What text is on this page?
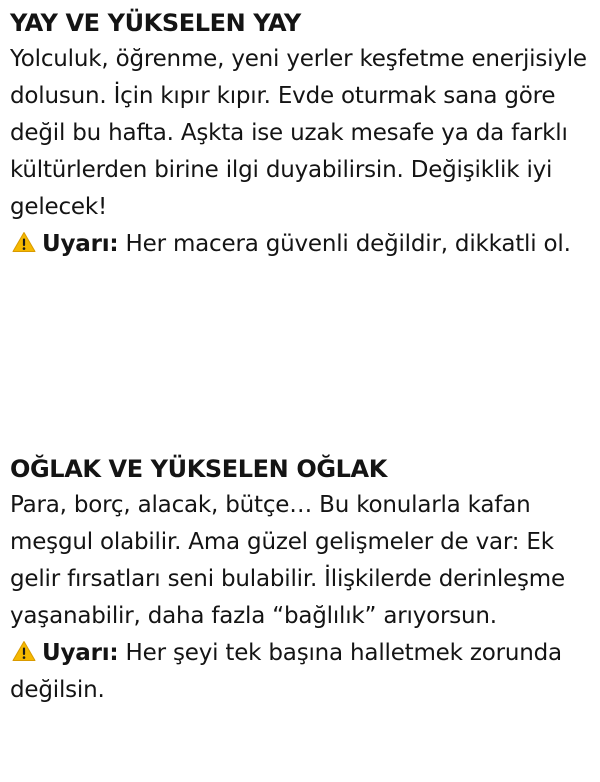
YAY VE YÜKSELEN YAY

Yolculuk, öğrenme, yeni yerler keşfetme enerjisiyle dolusun. İçin kıpır kıpır. Evde oturmak sana göre değil bu hafta. Aşkta ise uzak mesafe ya da farklı kültürlerden birine ilgi duyabilirsin. Değişiklik iyi gelecek!
Uyarı: Her macera güvenli değildir, dikkatli ol.

OĞLAK VE YÜKSELEN OĞLAK

Para, borç, alacak, bütçe… Bu konularla kafan meşgul olabilir. Ama güzel gelişmeler de var: Ek gelir fırsatları seni bulabilir. İlişkilerde derinleşme yaşanabilir, daha fazla “bağlılık” arıyorsun.
Uyarı: Her şeyi tek başına halletmek zorunda değilsin.
